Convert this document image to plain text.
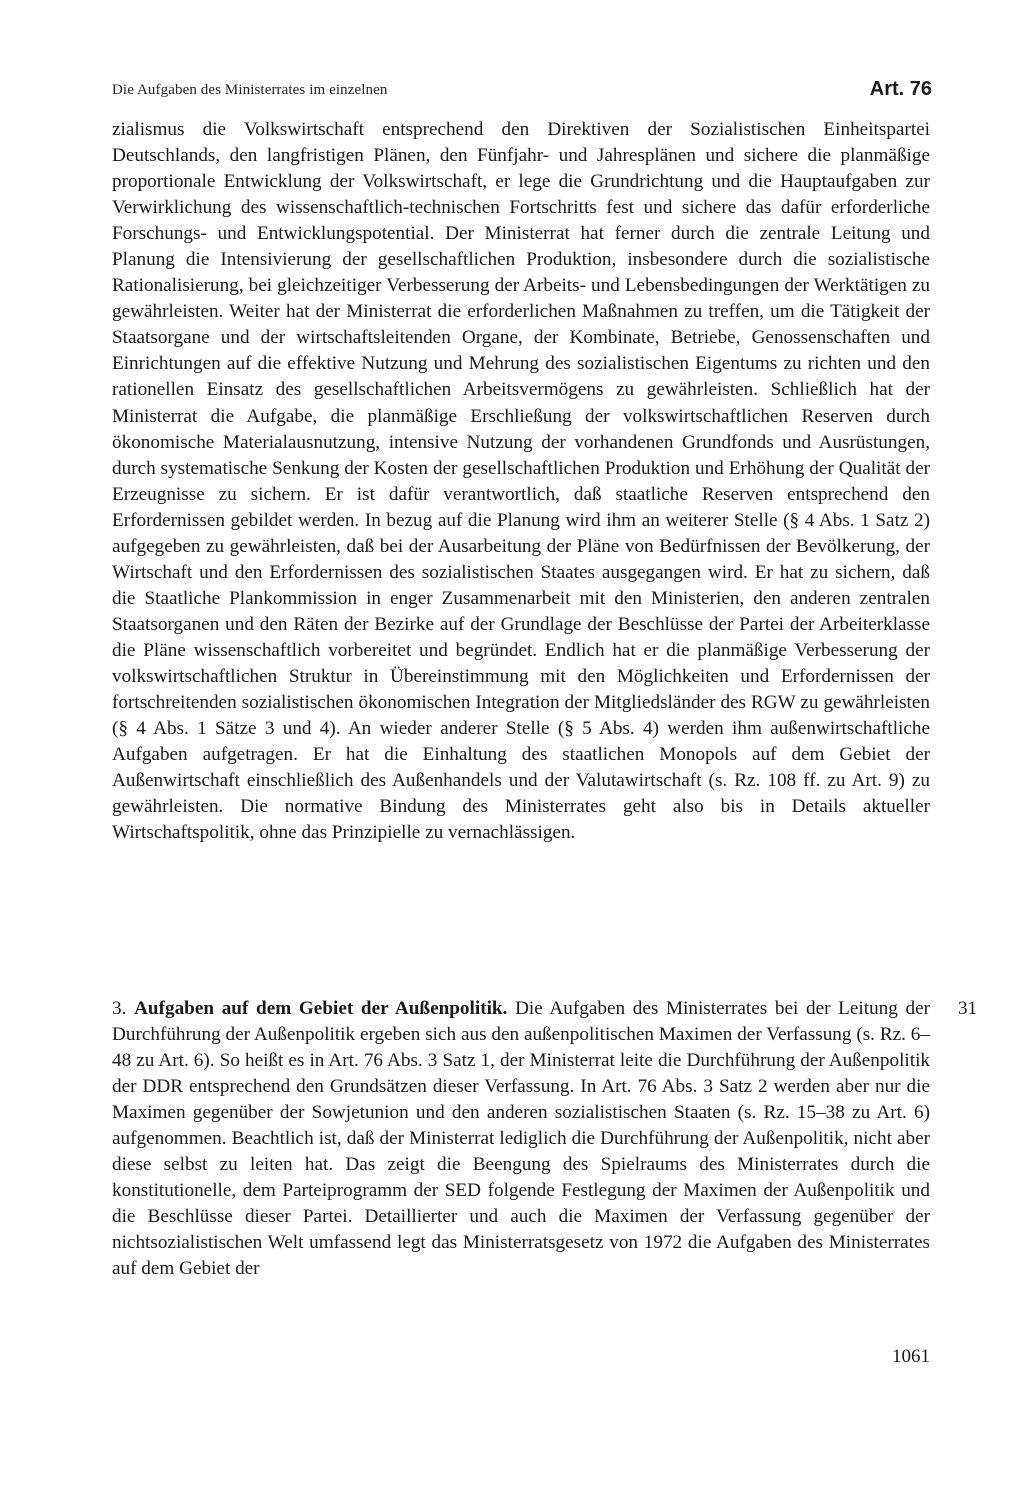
Die Aufgaben des Ministerrates im einzelnen	Art. 76

zialismus die Volkswirtschaft entsprechend den Direktiven der Sozialistischen Einheitspartei Deutschlands, den langfristigen Plänen, den Fünfjahr- und Jahresplänen und sichere die planmäßige proportionale Entwicklung der Volkswirtschaft, er lege die Grundrichtung und die Hauptaufgaben zur Verwirklichung des wissenschaftlich-technischen Fortschritts fest und sichere das dafür erforderliche Forschungs- und Entwicklungspotential. Der Ministerrat hat ferner durch die zentrale Leitung und Planung die Intensivierung der gesellschaftlichen Produktion, insbesondere durch die sozialistische Rationalisierung, bei gleichzeitiger Verbesserung der Arbeits- und Lebensbedingungen der Werktätigen zu gewährleisten. Weiter hat der Ministerrat die erforderlichen Maßnahmen zu treffen, um die Tätigkeit der Staatsorgane und der wirtschaftsleitenden Organe, der Kombinate, Betriebe, Genossenschaften und Einrichtungen auf die effektive Nutzung und Mehrung des sozialistischen Eigentums zu richten und den rationellen Einsatz des gesellschaftlichen Arbeitsvermögens zu gewährleisten. Schließlich hat der Ministerrat die Aufgabe, die planmäßige Erschließung der volkswirtschaftlichen Reserven durch ökonomische Materialausnutzung, intensive Nutzung der vorhandenen Grundfonds und Ausrüstungen, durch systematische Senkung der Kosten der gesellschaftlichen Produktion und Erhöhung der Qualität der Erzeugnisse zu sichern. Er ist dafür verantwortlich, daß staatliche Reserven entsprechend den Erfordernissen gebildet werden. In bezug auf die Planung wird ihm an weiterer Stelle (§ 4 Abs. 1 Satz 2) aufgegeben zu gewährleisten, daß bei der Ausarbeitung der Pläne von Bedürfnissen der Bevölkerung, der Wirtschaft und den Erfordernissen des sozialistischen Staates ausgegangen wird. Er hat zu sichern, daß die Staatliche Plankommission in enger Zusammenarbeit mit den Ministerien, den anderen zentralen Staatsorganen und den Räten der Bezirke auf der Grundlage der Beschlüsse der Partei der Arbeiterklasse die Pläne wissenschaftlich vorbereitet und begründet. Endlich hat er die planmäßige Verbesserung der volkswirtschaftlichen Struktur in Übereinstimmung mit den Möglichkeiten und Erfordernissen der fortschreitenden sozialistischen ökonomischen Integration der Mitgliedsländer des RGW zu gewährleisten (§ 4 Abs. 1 Sätze 3 und 4). An wieder anderer Stelle (§ 5 Abs. 4) werden ihm außenwirtschaftliche Aufgaben aufgetragen. Er hat die Einhaltung des staatlichen Monopols auf dem Gebiet der Außenwirtschaft einschließlich des Außenhandels und der Valutawirtschaft (s. Rz. 108 ff. zu Art. 9) zu gewährleisten. Die normative Bindung des Ministerrates geht also bis in Details aktueller Wirtschaftspolitik, ohne das Prinzipielle zu vernachlässigen.

3. Aufgaben auf dem Gebiet der Außenpolitik. Die Aufgaben des Ministerrates bei der Leitung der Durchführung der Außenpolitik ergeben sich aus den außenpolitischen Maximen der Verfassung (s. Rz. 6–48 zu Art. 6). So heißt es in Art. 76 Abs. 3 Satz 1, der Ministerrat leite die Durchführung der Außenpolitik der DDR entsprechend den Grundsätzen dieser Verfassung. In Art. 76 Abs. 3 Satz 2 werden aber nur die Maximen gegenüber der Sowjetunion und den anderen sozialistischen Staaten (s. Rz. 15–38 zu Art. 6) aufgenommen. Beachtlich ist, daß der Ministerrat lediglich die Durchführung der Außenpolitik, nicht aber diese selbst zu leiten hat. Das zeigt die Beengung des Spielraums des Ministerrates durch die konstitutionelle, dem Parteiprogramm der SED folgende Festlegung der Maximen der Außenpolitik und die Beschlüsse dieser Partei. Detaillierter und auch die Maximen der Verfassung gegenüber der nichtsozialistischen Welt umfassend legt das Ministerratsgesetz von 1972 die Aufgaben des Ministerrates auf dem Gebiet der

31
1061
